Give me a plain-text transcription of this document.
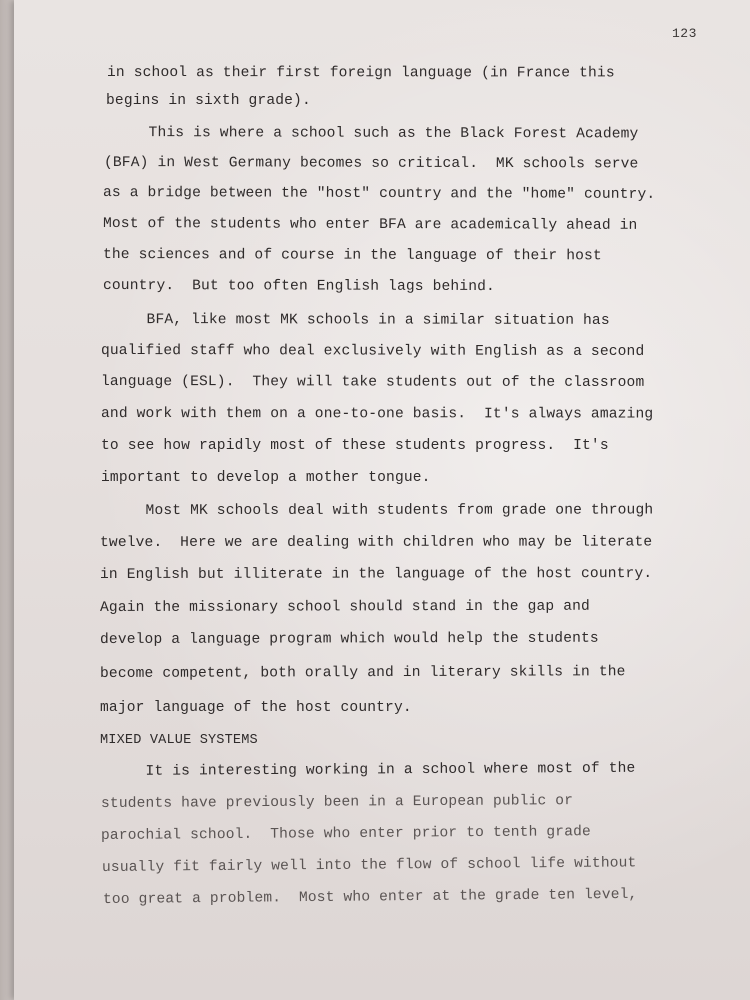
123
in school as their first foreign language (in France this
begins in sixth grade).
This is where a school such as the Black Forest Academy
(BFA) in West Germany becomes so critical.  MK schools serve
as a bridge between the "host" country and the "home" country.
Most of the students who enter BFA are academically ahead in
the sciences and of course in the language of their host
country.  But too often English lags behind.
BFA, like most MK schools in a similar situation has
qualified staff who deal exclusively with English as a second
language (ESL).  They will take students out of the classroom
and work with them on a one-to-one basis.  It's always amazing
to see how rapidly most of these students progress.  It's
important to develop a mother tongue.
Most MK schools deal with students from grade one through
twelve.  Here we are dealing with children who may be literate
in English but illiterate in the language of the host country.
Again the missionary school should stand in the gap and
develop a language program which would help the students
become competent, both orally and in literary skills in the
major language of the host country.
MIXED VALUE SYSTEMS
It is interesting working in a school where most of the
students have previously been in a European public or
parochial school.  Those who enter prior to tenth grade
usually fit fairly well into the flow of school life without
too great a problem.  Most who enter at the grade ten level,
